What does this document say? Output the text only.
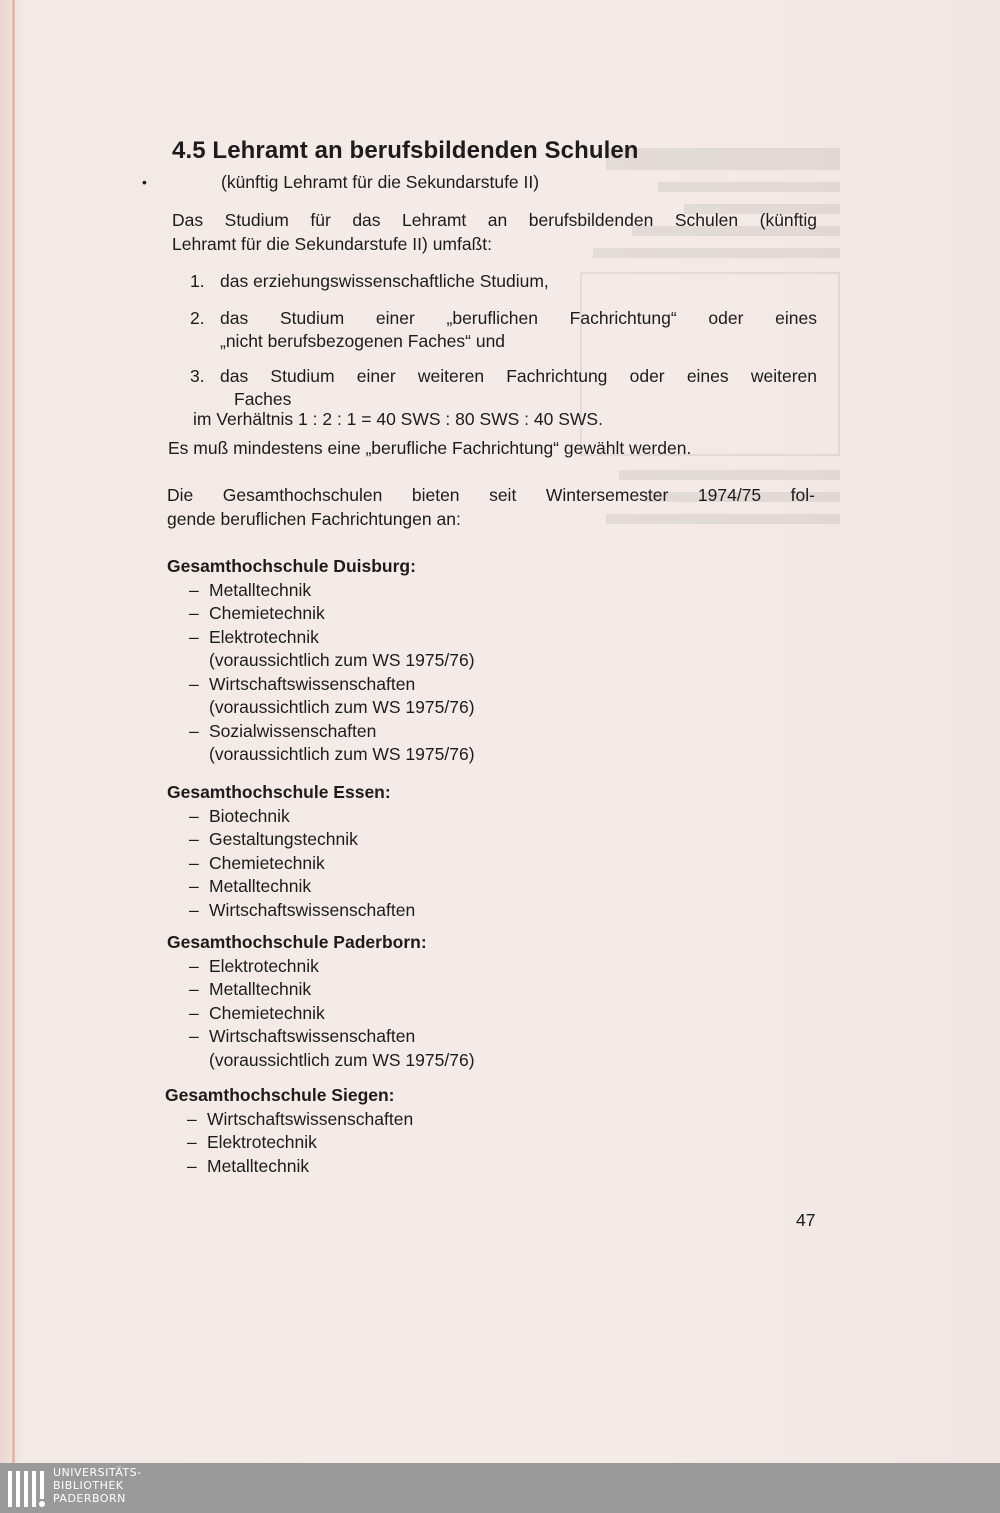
•
4.5 Lehramt an berufsbildenden Schulen
(künftig Lehramt für die Sekundarstufe II)
Das Studium für das Lehramt an berufsbildenden Schulen (künftig
Lehramt für die Sekundarstufe II) umfaßt:
1. das erziehungswissenschaftliche Studium,
2. das Studium einer „beruflichen Fachrichtung“ oder eines
„nicht berufsbezogenen Faches“ und
3. das Studium einer weiteren Fachrichtung oder eines weiteren
Faches
im Verhältnis 1 : 2 : 1 = 40 SWS : 80 SWS : 40 SWS.
Es muß mindestens eine „berufliche Fachrichtung“ gewählt werden.
Die Gesamthochschulen bieten seit Wintersemester 1974/75 fol-
gende beruflichen Fachrichtungen an:
Gesamthochschule Duisburg:
– Metalltechnik
– Chemietechnik
– Elektrotechnik
(voraussichtlich zum WS 1975/76)
– Wirtschaftswissenschaften
(voraussichtlich zum WS 1975/76)
– Sozialwissenschaften
(voraussichtlich zum WS 1975/76)
Gesamthochschule Essen:
– Biotechnik
– Gestaltungstechnik
– Chemietechnik
– Metalltechnik
– Wirtschaftswissenschaften
Gesamthochschule Paderborn:
– Elektrotechnik
– Metalltechnik
– Chemietechnik
– Wirtschaftswissenschaften
(voraussichtlich zum WS 1975/76)
Gesamthochschule Siegen:
– Wirtschaftswissenschaften
– Elektrotechnik
– Metalltechnik
47
UNIVERSITÄTS-
BIBLIOTHEK
PADERBORN
